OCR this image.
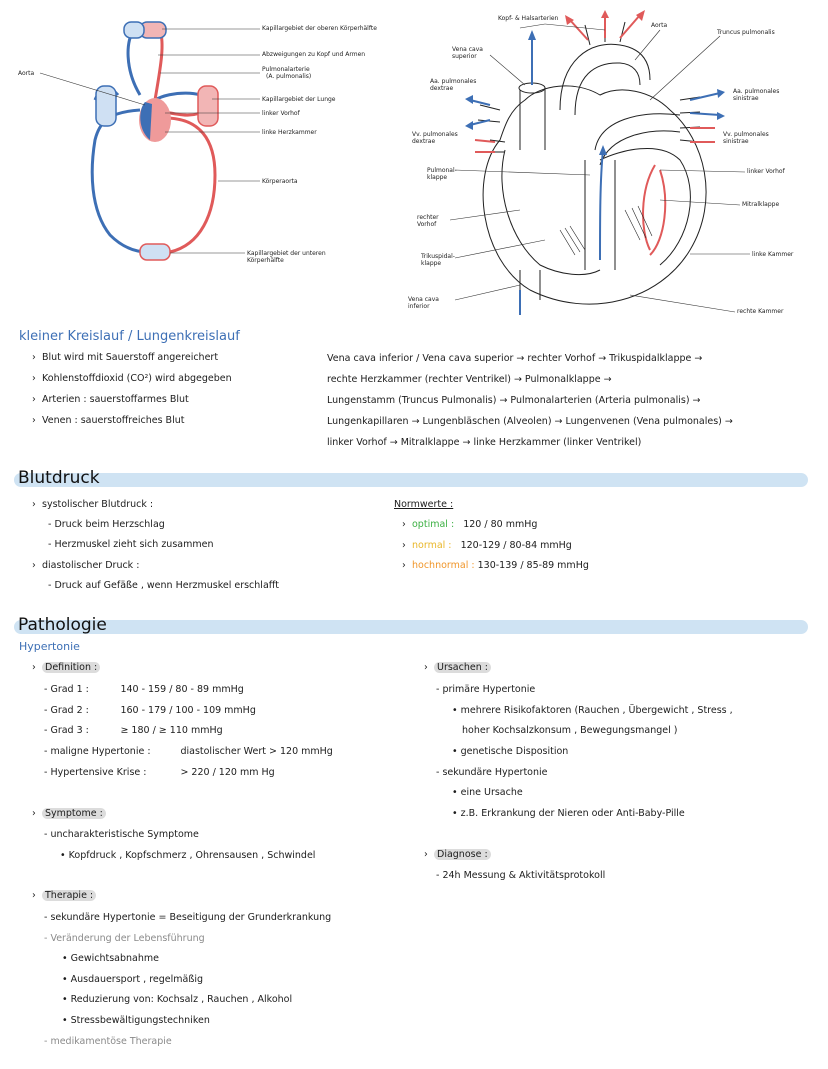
Aorta
Kapillargebiet der oberen Körperhälfte
Abzweigungen zu Kopf und Armen
Pulmonalarterie
(A. pulmonalis)
Kapillargebiet der Lunge
linker Vorhof
linke Herzkammer
Körperaorta
Kapillargebiet der unteren Körperhälfte
Kopf- & Halsarterien
Aorta
Truncus pulmonalis
Vena cava superior
Aa. pulmonales dextrae	Aa. pulmonales sinistrae
Vv. pulmonales dextrae
Vv. pulmonales sinistrae
Pulmonal- klappe
linker Vorhof
Mitralklappe
rechter Vorhof
linke Kammer
Trikuspidal- klappe
Vena cava inferior
rechte Kammer
kleiner Kreislauf / Lungenkreislauf
› Blut wird mit Sauerstoff angereichert
› Kohlenstoffdioxid (CO²) wird abgegeben
› Arterien : sauerstoffarmes Blut
› Venen : sauerstoffreiches Blut
Vena cava inferior / Vena cava superior → rechter Vorhof → Trikuspidalklappe →
rechte Herzkammer (rechter Ventrikel) → Pulmonalklappe →
Lungenstamm (Truncus Pulmonalis) → Pulmonalarterien (Arteria pulmonalis) →
Lungenkapillaren → Lungenbläschen (Alveolen) → Lungenvenen (Vena pulmonales) →
linker Vorhof → Mitralklappe → linke Herzkammer (linker Ventrikel)
Blutdruck
› systolischer Blutdruck :
- Druck beim Herzschlag
- Herzmuskel zieht sich zusammen
› diastolischer Druck :
- Druck auf Gefäße , wenn Herzmuskel erschlafft
Normwerte :
› optimal : 120 / 80 mmHg
› normal : 120-129 / 80-84 mmHg
› hochnormal : 130-139 / 85-89 mmHg
Pathologie
Hypertonie
› Definition :
- Grad 1 :	140 - 159 / 80 - 89 mmHg
- Grad 2 :	160 - 179 / 100 - 109 mmHg
- Grad 3 :	≥ 180 / ≥ 110 mmHg
- maligne Hypertonie :	diastolischer Wert > 120 mmHg
- Hypertensive Krise :	> 220 / 120 mm Hg
› Symptome :
- uncharakteristische Symptome
• Kopfdruck , Kopfschmerz , Ohrensausen , Schwindel
› Therapie :
- sekundäre Hypertonie = Beseitigung der Grunderkrankung
- Veränderung der Lebensführung
• Gewichtsabnahme
• Ausdauersport , regelmäßig
• Reduzierung von: Kochsalz , Rauchen , Alkohol
• Stressbewältigungstechniken
- medikamentöse Therapie
› Ursachen :
- primäre Hypertonie
• mehrere Risikofaktoren (Rauchen , Übergewicht , Stress ,
hoher Kochsalzkonsum , Bewegungsmangel )
• genetische Disposition
- sekundäre Hypertonie
• eine Ursache
• z.B. Erkrankung der Nieren oder Anti-Baby-Pille
› Diagnose :
- 24h Messung & Aktivitätsprotokoll
